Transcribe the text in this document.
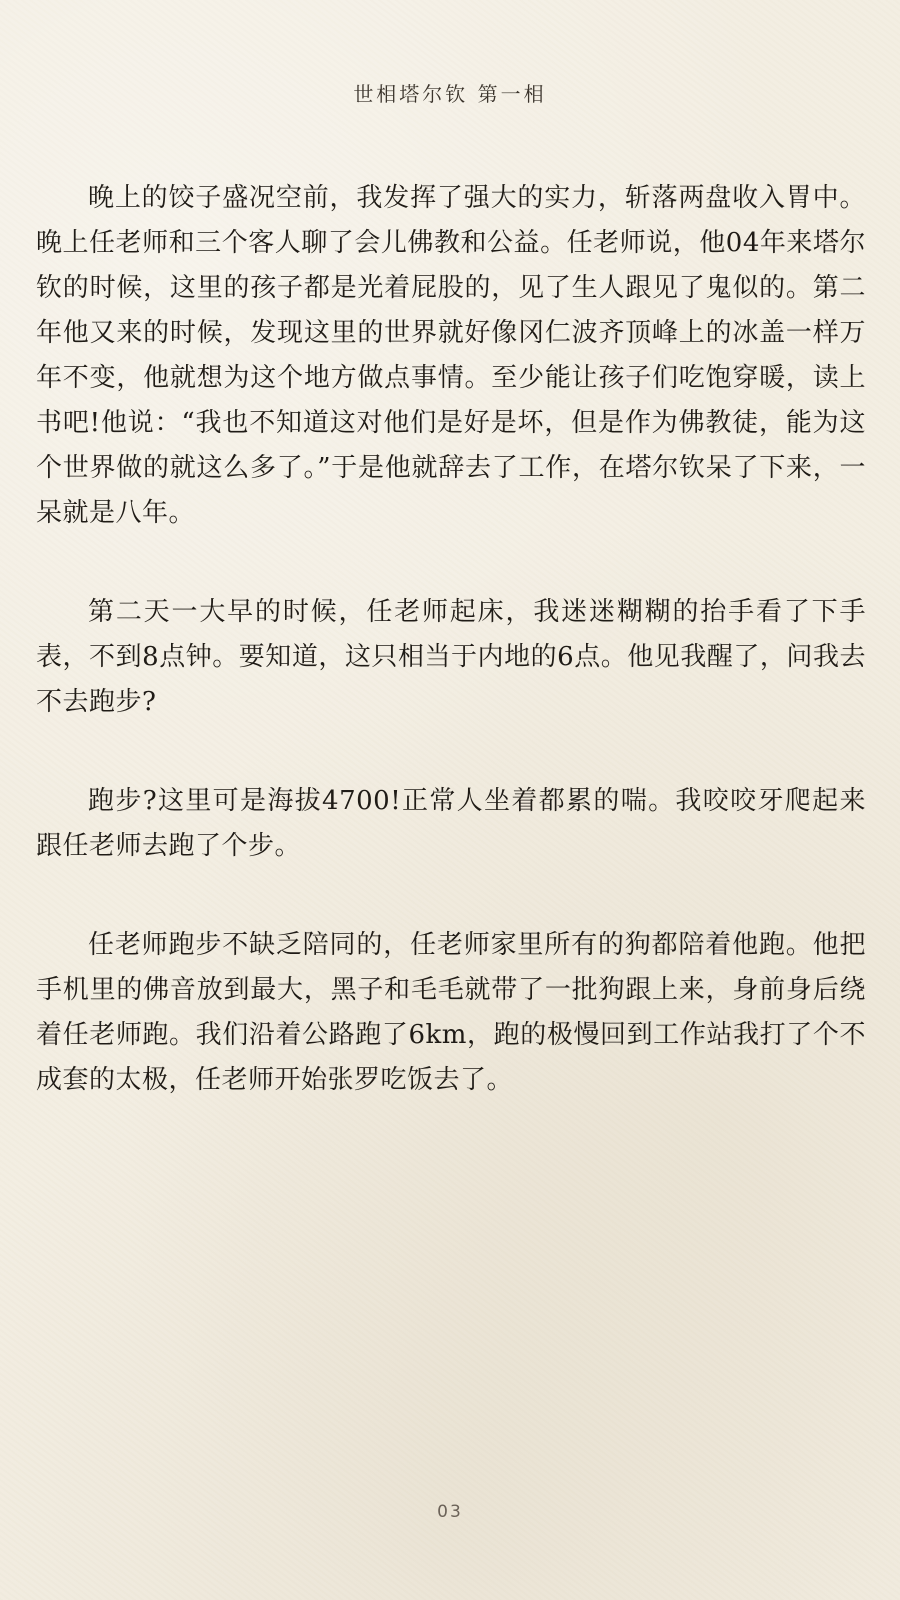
世相塔尔钦 第一相

晚上的饺子盛况空前，我发挥了强大的实力，斩落两盘收入胃中。晚上任老师和三个客人聊了会儿佛教和公益。任老师说，他04年来塔尔钦的时候，这里的孩子都是光着屁股的，见了生人跟见了鬼似的。第二年他又来的时候，发现这里的世界就好像冈仁波齐顶峰上的冰盖一样万年不变，他就想为这个地方做点事情。至少能让孩子们吃饱穿暖，读上书吧!他说：“我也不知道这对他们是好是坏，但是作为佛教徒，能为这个世界做的就这么多了。”于是他就辞去了工作，在塔尔钦呆了下来，一呆就是八年。

第二天一大早的时候，任老师起床，我迷迷糊糊的抬手看了下手表，不到8点钟。要知道，这只相当于内地的6点。他见我醒了，问我去不去跑步?

跑步?这里可是海拔4700!正常人坐着都累的喘。我咬咬牙爬起来跟任老师去跑了个步。

任老师跑步不缺乏陪同的，任老师家里所有的狗都陪着他跑。他把手机里的佛音放到最大，黑子和毛毛就带了一批狗跟上来，身前身后绕着任老师跑。我们沿着公路跑了6km，跑的极慢回到工作站我打了个不成套的太极，任老师开始张罗吃饭去了。

03
